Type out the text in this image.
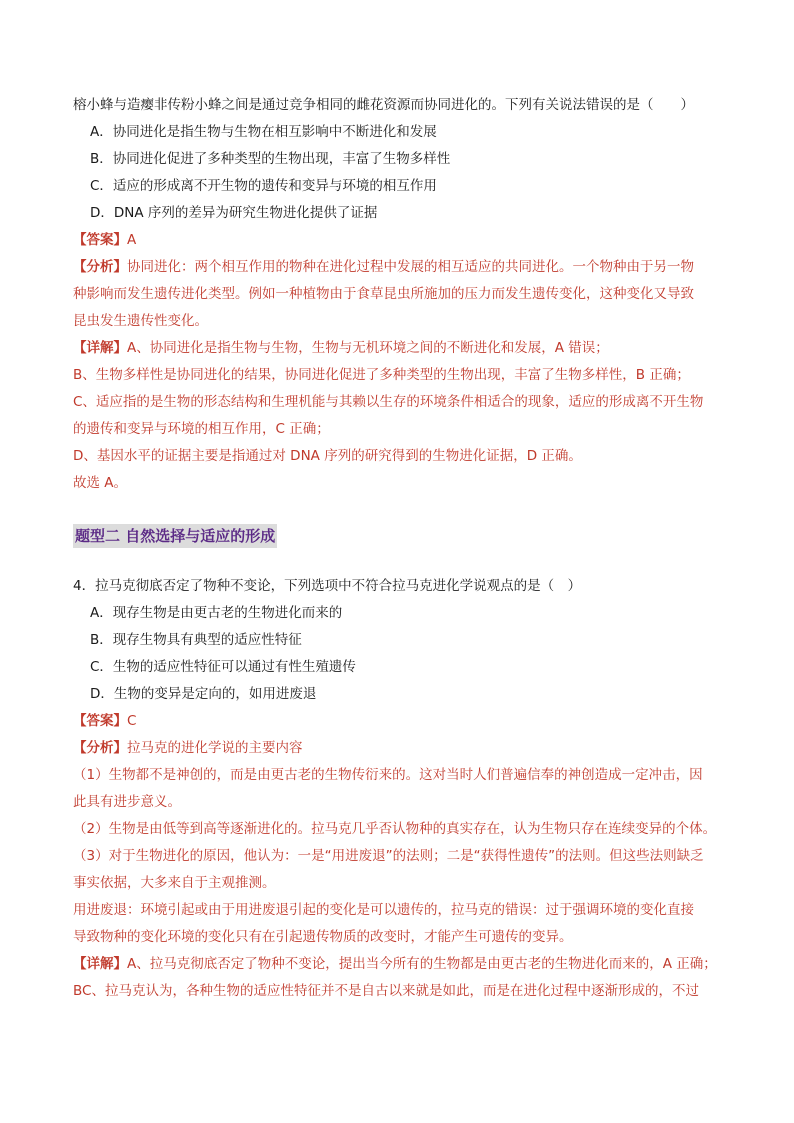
榕小蜂与造瘿非传粉小蜂之间是通过竞争相同的雌花资源而协同进化的。下列有关说法错误的是（　　）
A．协同进化是指生物与生物在相互影响中不断进化和发展
B．协同进化促进了多种类型的生物出现，丰富了生物多样性
C．适应的形成离不开生物的遗传和变异与环境的相互作用
D．DNA 序列的差异为研究生物进化提供了证据
【答案】A
【分析】协同进化：两个相互作用的物种在进化过程中发展的相互适应的共同进化。一个物种由于另一物
种影响而发生遗传进化类型。例如一种植物由于食草昆虫所施加的压力而发生遗传变化，这种变化又导致
昆虫发生遗传性变化。
【详解】A、协同进化是指生物与生物，生物与无机环境之间的不断进化和发展，A 错误；
B、生物多样性是协同进化的结果，协同进化促进了多种类型的生物出现，丰富了生物多样性，B 正确；
C、适应指的是生物的形态结构和生理机能与其赖以生存的环境条件相适合的现象，适应的形成离不开生物
的遗传和变异与环境的相互作用，C 正确；
D、基因水平的证据主要是指通过对 DNA 序列的研究得到的生物进化证据，D 正确。
故选 A。
题型二 自然选择与适应的形成
4．拉马克彻底否定了物种不变论，下列选项中不符合拉马克进化学说观点的是（　）
A．现存生物是由更古老的生物进化而来的
B．现存生物具有典型的适应性特征
C．生物的适应性特征可以通过有性生殖遗传
D．生物的变异是定向的，如用进废退
【答案】C
【分析】拉马克的进化学说的主要内容
（1）生物都不是神创的，而是由更古老的生物传衍来的。这对当时人们普遍信奉的神创造成一定冲击，因
此具有进步意义。
（2）生物是由低等到高等逐渐进化的。拉马克几乎否认物种的真实存在，认为生物只存在连续变异的个体。
（3）对于生物进化的原因，他认为：一是“用进废退”的法则；二是“获得性遗传”的法则。但这些法则缺乏
事实依据，大多来自于主观推测。
用进废退：环境引起或由于用进废退引起的变化是可以遗传的，拉马克的错误：过于强调环境的变化直接
导致物种的变化环境的变化只有在引起遗传物质的改变时，才能产生可遗传的变异。
【详解】A、拉马克彻底否定了物种不变论，提出当今所有的生物都是由更古老的生物进化而来的，A 正确；
BC、拉马克认为，各种生物的适应性特征并不是自古以来就是如此，而是在进化过程中逐渐形成的，不过
